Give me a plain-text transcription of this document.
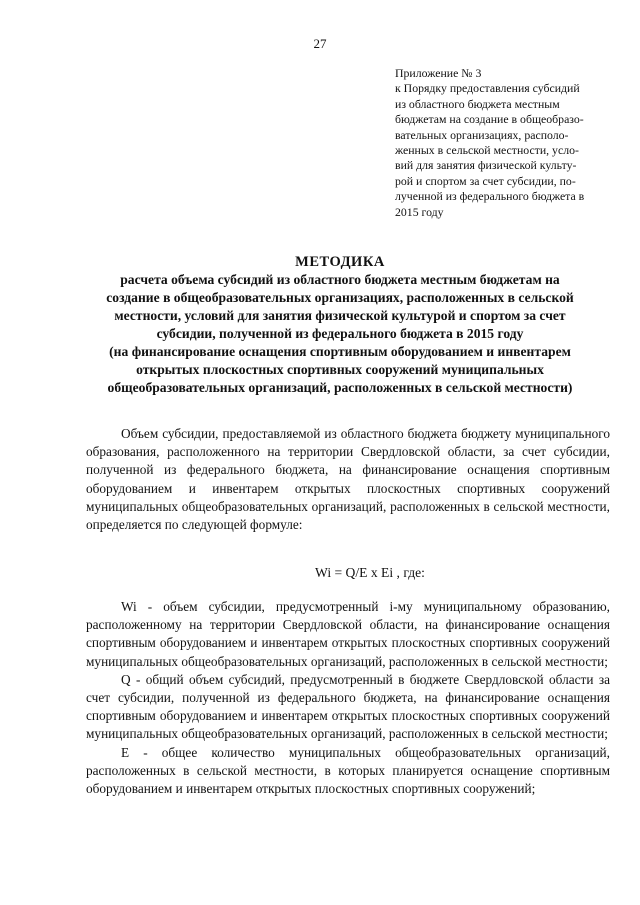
27
Приложение № 3
к Порядку предоставления субсидий
из областного бюджета местным
бюджетам на создание в общеобразо-
вательных организациях, располо-
женных в сельской местности, усло-
вий для занятия физической культу-
рой и спортом за счет субсидии, по-
лученной из федерального бюджета в
2015 году
МЕТОДИКА
расчета объема субсидий из областного бюджета местным бюджетам на
создание в общеобразовательных организациях, расположенных в сельской
местности, условий для занятия физической культурой и спортом за счет
субсидии, полученной из федерального бюджета в 2015 году
(на финансирование оснащения спортивным оборудованием и инвентарем
открытых плоскостных спортивных сооружений муниципальных
общеобразовательных организаций, расположенных в сельской местности)

Объем субсидии, предоставляемой из областного бюджета бюджету муниципального образования, расположенного на территории Свердловской области, за счет субсидии, полученной из федерального бюджета, на финансирование оснащения спортивным оборудованием и инвентарем открытых плоскостных спортивных сооружений муниципальных общеобразовательных организаций, расположенных в сельской местности, определяется по следующей формуле:

Wi = Q/E x Ei , где:

Wi - объем субсидии, предусмотренный i-му муниципальному образованию, расположенному на территории Свердловской области, на финансирование оснащения спортивным оборудованием и инвентарем открытых плоскостных спортивных сооружений муниципальных общеобразовательных организаций, расположенных в сельской местности;

Q - общий объем субсидий, предусмотренный в бюджете Свердловской области за счет субсидии, полученной из федерального бюджета, на финансирование оснащения спортивным оборудованием и инвентарем открытых плоскостных спортивных сооружений муниципальных общеобразовательных организаций, расположенных в сельской местности;

E - общее количество муниципальных общеобразовательных организаций, расположенных в сельской местности, в которых планируется оснащение спортивным оборудованием и инвентарем открытых плоскостных спортивных сооружений;
